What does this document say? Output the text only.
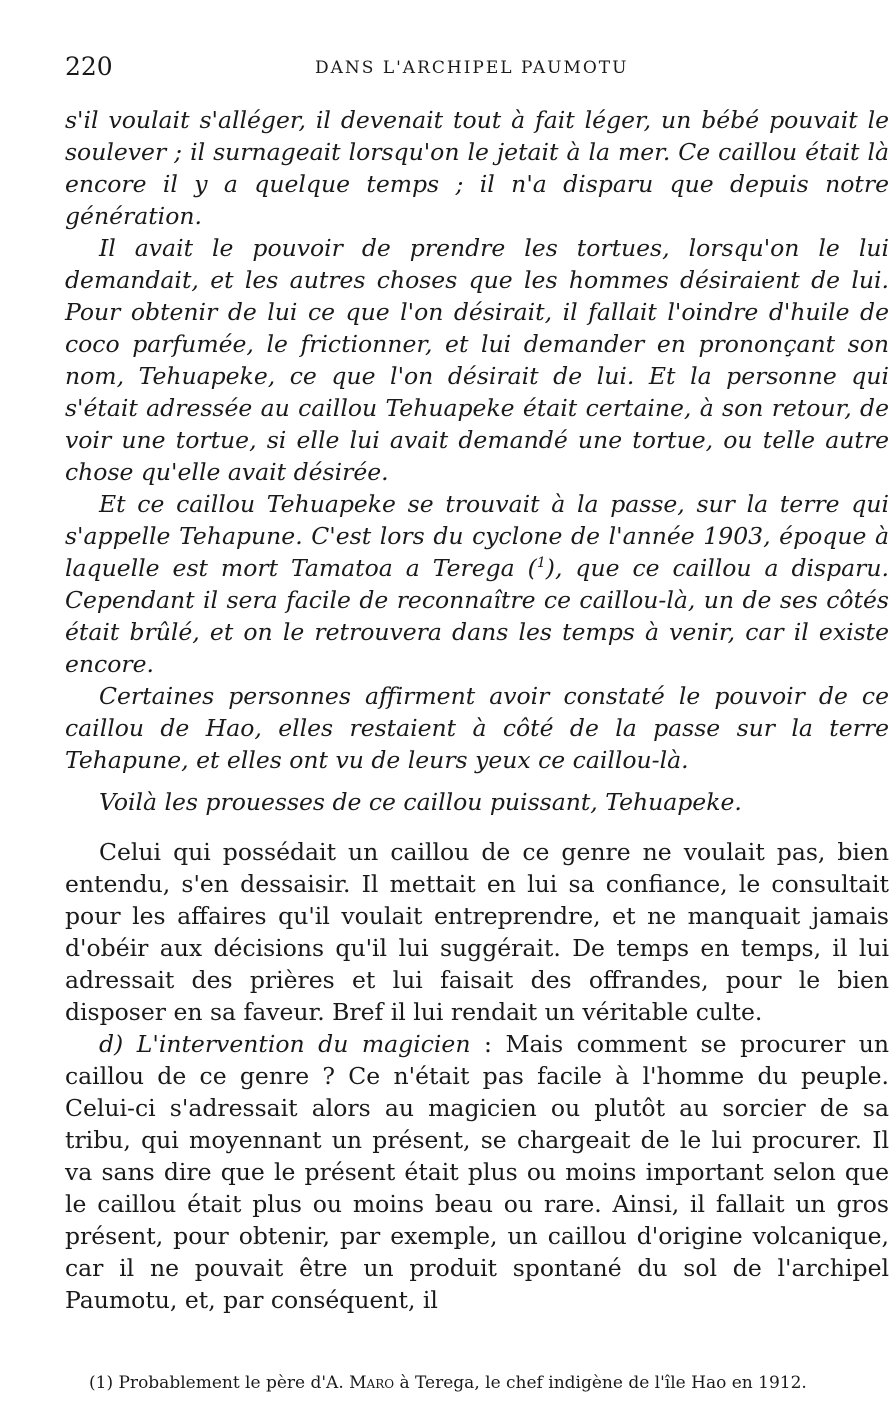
220	DANS L'ARCHIPEL PAUMOTU

s'il voulait s'alléger, il devenait tout à fait léger, un bébé pouvait le soulever ; il surnageait lorsqu'on le jetait à la mer. Ce caillou était là encore il y a quelque temps ; il n'a disparu que depuis notre génération.

Il avait le pouvoir de prendre les tortues, lorsqu'on le lui demandait, et les autres choses que les hommes désiraient de lui. Pour obtenir de lui ce que l'on désirait, il fallait l'oindre d'huile de coco parfumée, le frictionner, et lui demander en prononçant son nom, Tehuapeke, ce que l'on désirait de lui. Et la personne qui s'était adressée au caillou Tehuapeke était certaine, à son retour, de voir une tortue, si elle lui avait demandé une tortue, ou telle autre chose qu'elle avait désirée.

Et ce caillou Tehuapeke se trouvait à la passe, sur la terre qui s'appelle Tehapune. C'est lors du cyclone de l'année 1903, époque à laquelle est mort Tamatoa a Terega ($^1$), que ce caillou a disparu. Cependant il sera facile de reconnaître ce caillou-là, un de ses côtés était brûlé, et on le retrouvera dans les temps à venir, car il existe encore.

Certaines personnes affirment avoir constaté le pouvoir de ce caillou de Hao, elles restaient à côté de la passe sur la terre Tehapune, et elles ont vu de leurs yeux ce caillou-là.

Voilà les prouesses de ce caillou puissant, Tehuapeke.

Celui qui possédait un caillou de ce genre ne voulait pas, bien entendu, s'en dessaisir. Il mettait en lui sa confiance, le consultait pour les affaires qu'il voulait entreprendre, et ne manquait jamais d'obéir aux décisions qu'il lui suggérait. De temps en temps, il lui adressait des prières et lui faisait des offrandes, pour le bien disposer en sa faveur. Bref il lui rendait un véritable culte.

d) L'intervention du magicien : Mais comment se procurer un caillou de ce genre ? Ce n'était pas facile à l'homme du peuple. Celui-ci s'adressait alors au magicien ou plutôt au sorcier de sa tribu, qui moyennant un présent, se chargeait de le lui procurer. Il va sans dire que le présent était plus ou moins important selon que le caillou était plus ou moins beau ou rare. Ainsi, il fallait un gros présent, pour obtenir, par exemple, un caillou d'origine volcanique, car il ne pouvait être un produit spontané du sol de l'archipel Paumotu, et, par conséquent, il

(1) Probablement le père d'A. Maro à Terega, le chef indigène de l'île Hao en 1912.
